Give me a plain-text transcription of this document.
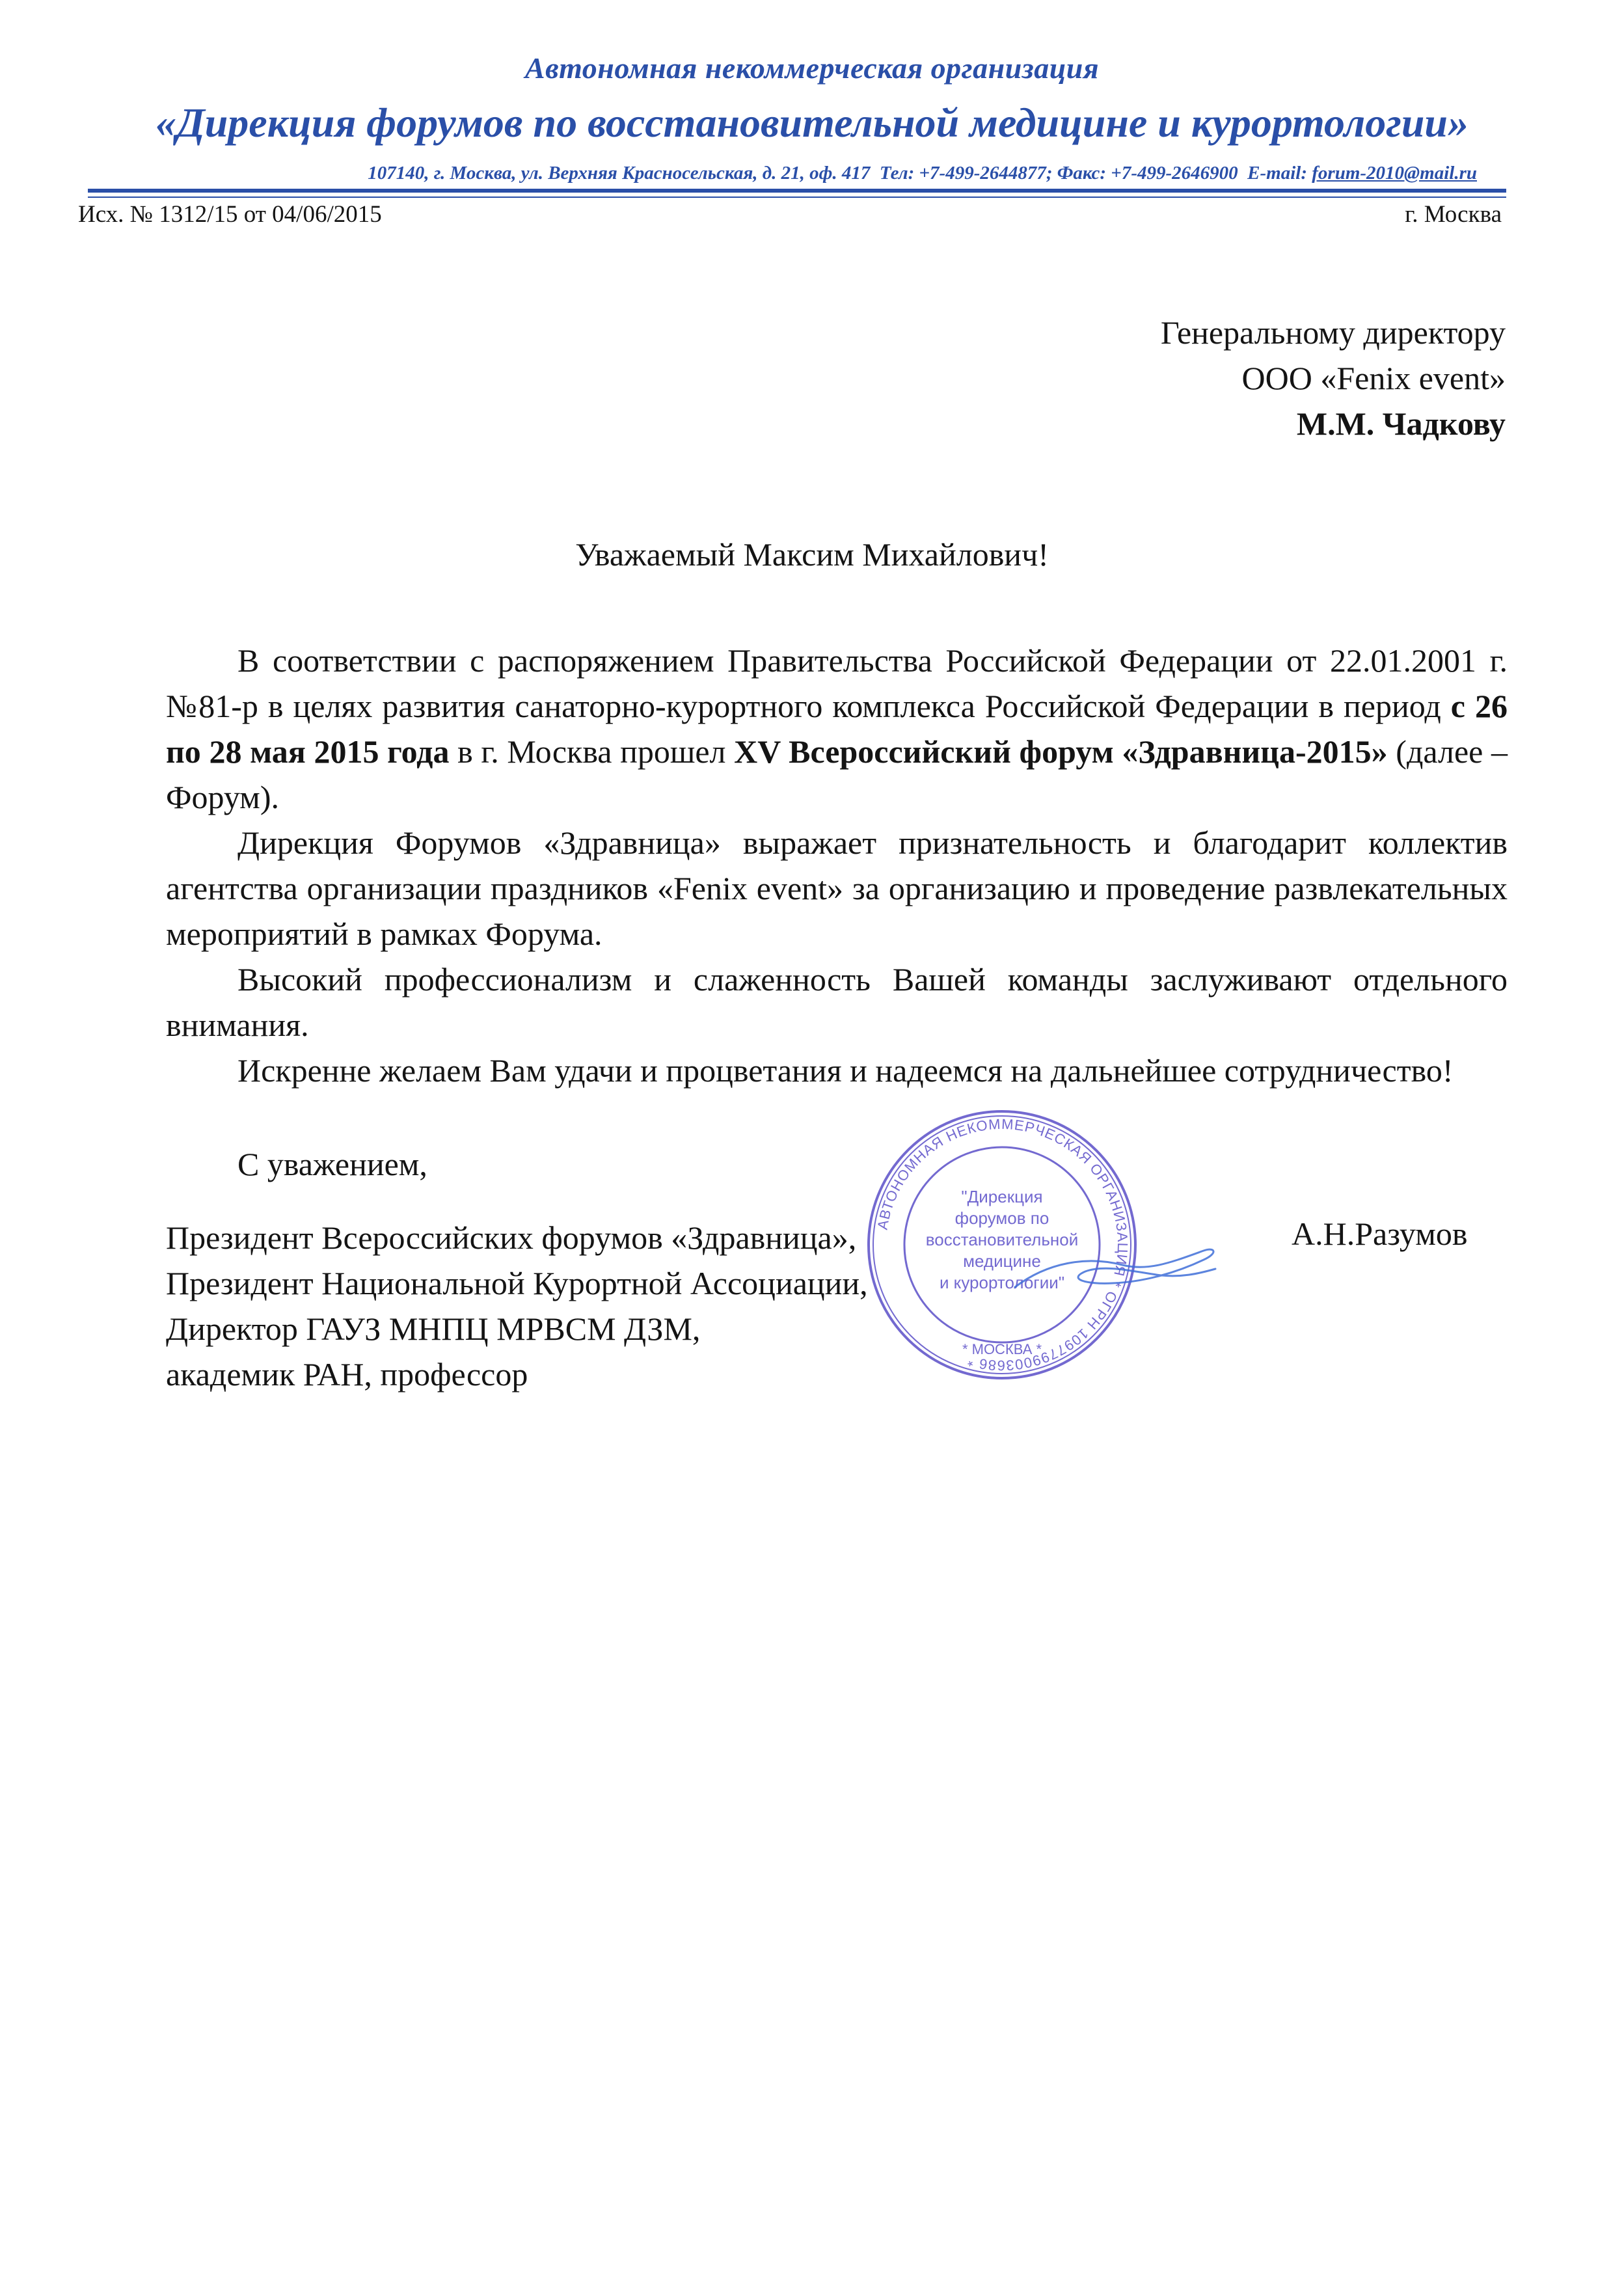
Автономная некоммерческая организация
«Дирекция форумов по восстановительной медицине и курортологии»
107140, г. Москва, ул. Верхняя Красносельская, д. 21, оф. 417 Тел: +7-499-2644877; Факс: +7-499-2646900 E-mail: forum-2010@mail.ru
Исх. № 1312/15 от 04/06/2015	г. Москва
Генеральному директору
ООО «Fenix event»
М.М. Чадкову
Уважаемый Максим Михайлович!

В соответствии с распоряжением Правительства Российской Федерации от 22.01.2001 г. №81-р в целях развития санаторно-курортного комплекса Российской Федерации в период с 26 по 28 мая 2015 года в г. Москва прошел XV Всероссийский форум «Здравница-2015» (далее – Форум).

Дирекция Форумов «Здравница» выражает признательность и благодарит коллектив агентства организации праздников «Fenix event» за организацию и проведение развлекательных мероприятий в рамках Форума.

Высокий профессионализм и слаженность Вашей команды заслуживают отдельного внимания.

Искренне желаем Вам удачи и процветания и надеемся на дальнейшее сотрудничество!

С уважением,
Президент Всероссийских форумов «Здравница»,
Президент Национальной Курортной Ассоциации,
Директор ГАУЗ МНПЦ МРВСМ ДЗМ,
академик РАН, профессор
А.Н.Разумов
АВТОНОМНАЯ НЕКОММЕРЧЕСКАЯ ОРГАНИЗАЦИЯ * ОГРН 1097799003686 *
* МОСКВА *
"Дирекция
форумов по
восстановительной
медицине
и курортологии"
